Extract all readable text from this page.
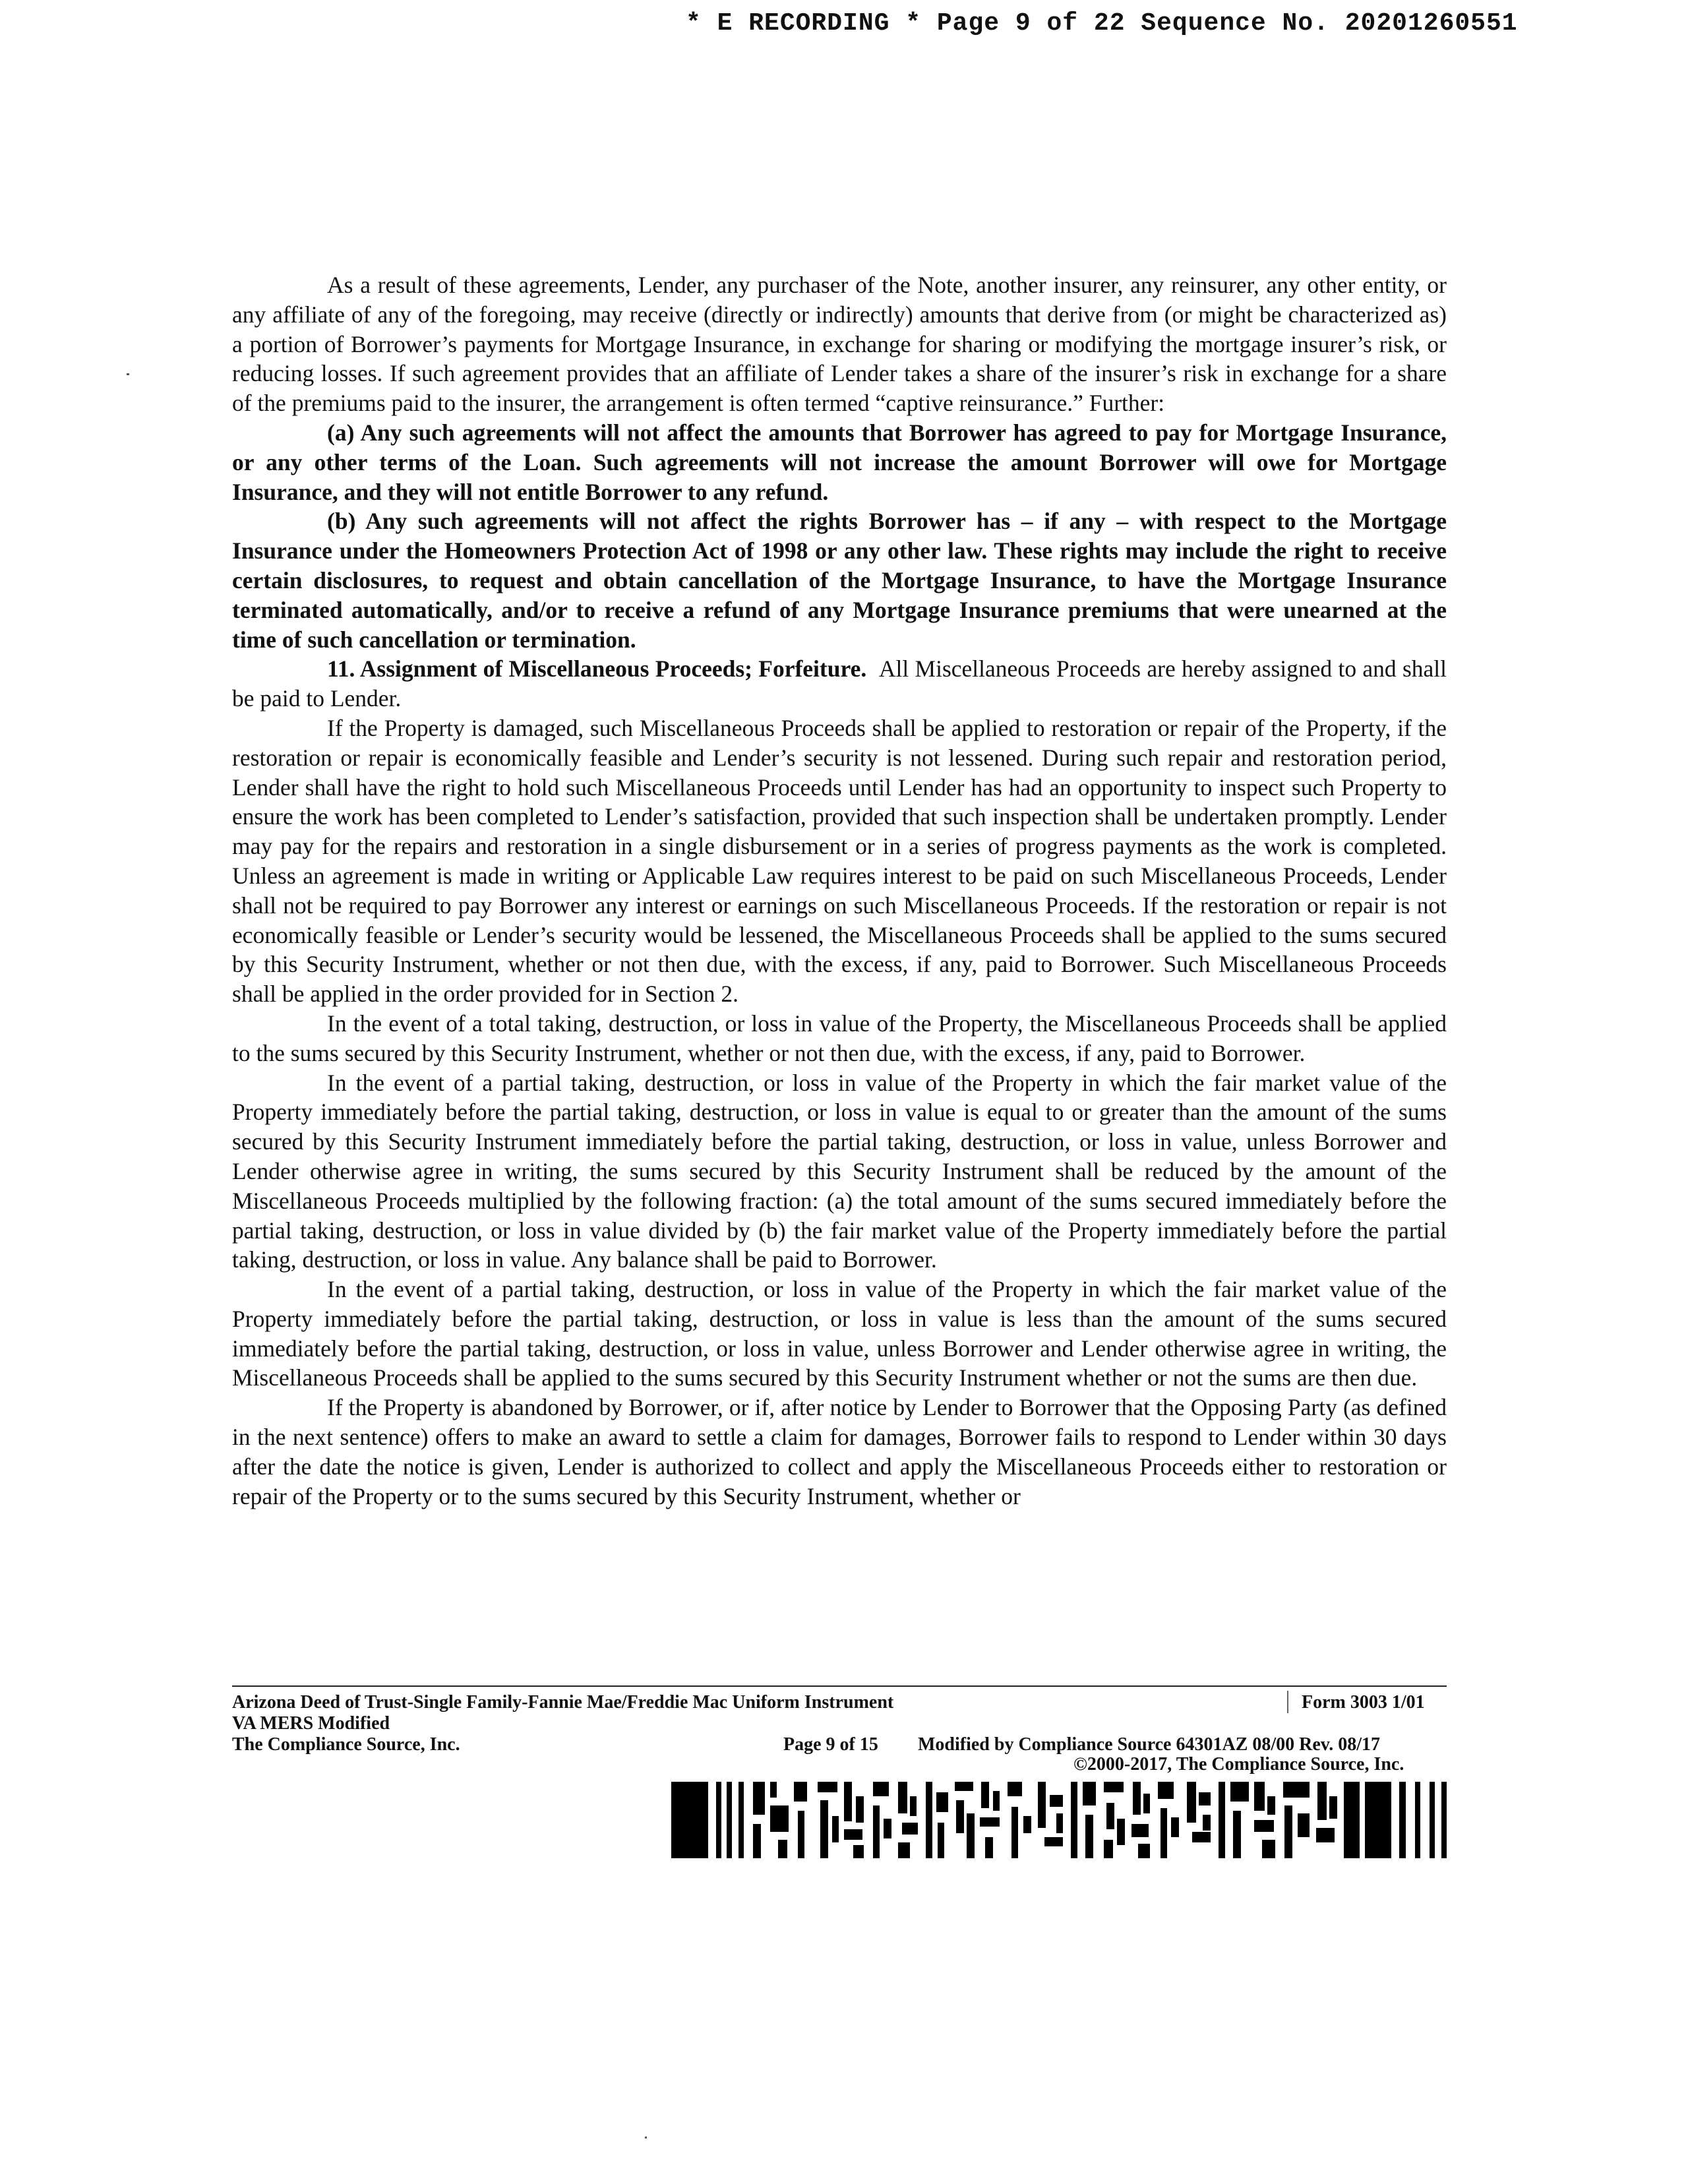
* E RECORDING * Page 9 of 22 Sequence No. 20201260551

As a result of these agreements, Lender, any purchaser of the Note, another insurer, any reinsurer, any other entity, or any affiliate of any of the foregoing, may receive (directly or indirectly) amounts that derive from (or might be characterized as) a portion of Borrower’s payments for Mortgage Insurance, in exchange for sharing or modifying the mortgage insurer’s risk, or reducing losses. If such agreement provides that an affiliate of Lender takes a share of the insurer’s risk in exchange for a share of the premiums paid to the insurer, the arrangement is often termed “captive reinsurance.” Further:

(a) Any such agreements will not affect the amounts that Borrower has agreed to pay for Mortgage Insurance, or any other terms of the Loan. Such agreements will not increase the amount Borrower will owe for Mortgage Insurance, and they will not entitle Borrower to any refund.

(b) Any such agreements will not affect the rights Borrower has – if any – with respect to the Mortgage Insurance under the Homeowners Protection Act of 1998 or any other law. These rights may include the right to receive certain disclosures, to request and obtain cancellation of the Mortgage Insurance, to have the Mortgage Insurance terminated automatically, and/or to receive a refund of any Mortgage Insurance premiums that were unearned at the time of such cancellation or termination.

11. Assignment of Miscellaneous Proceeds; Forfeiture. All Miscellaneous Proceeds are hereby assigned to and shall be paid to Lender.

If the Property is damaged, such Miscellaneous Proceeds shall be applied to restoration or repair of the Property, if the restoration or repair is economically feasible and Lender’s security is not lessened. During such repair and restoration period, Lender shall have the right to hold such Miscellaneous Proceeds until Lender has had an opportunity to inspect such Property to ensure the work has been completed to Lender’s satisfaction, provided that such inspection shall be undertaken promptly. Lender may pay for the repairs and restoration in a single disbursement or in a series of progress payments as the work is completed. Unless an agreement is made in writing or Applicable Law requires interest to be paid on such Miscellaneous Proceeds, Lender shall not be required to pay Borrower any interest or earnings on such Miscellaneous Proceeds. If the restoration or repair is not economically feasible or Lender’s security would be lessened, the Miscellaneous Proceeds shall be applied to the sums secured by this Security Instrument, whether or not then due, with the excess, if any, paid to Borrower. Such Miscellaneous Proceeds shall be applied in the order provided for in Section 2.

In the event of a total taking, destruction, or loss in value of the Property, the Miscellaneous Proceeds shall be applied to the sums secured by this Security Instrument, whether or not then due, with the excess, if any, paid to Borrower.

In the event of a partial taking, destruction, or loss in value of the Property in which the fair market value of the Property immediately before the partial taking, destruction, or loss in value is equal to or greater than the amount of the sums secured by this Security Instrument immediately before the partial taking, destruction, or loss in value, unless Borrower and Lender otherwise agree in writing, the sums secured by this Security Instrument shall be reduced by the amount of the Miscellaneous Proceeds multiplied by the following fraction: (a) the total amount of the sums secured immediately before the partial taking, destruction, or loss in value divided by (b) the fair market value of the Property immediately before the partial taking, destruction, or loss in value. Any balance shall be paid to Borrower.

In the event of a partial taking, destruction, or loss in value of the Property in which the fair market value of the Property immediately before the partial taking, destruction, or loss in value is less than the amount of the sums secured immediately before the partial taking, destruction, or loss in value, unless Borrower and Lender otherwise agree in writing, the Miscellaneous Proceeds shall be applied to the sums secured by this Security Instrument whether or not the sums are then due.

If the Property is abandoned by Borrower, or if, after notice by Lender to Borrower that the Opposing Party (as defined in the next sentence) offers to make an award to settle a claim for damages, Borrower fails to respond to Lender within 30 days after the date the notice is given, Lender is authorized to collect and apply the Miscellaneous Proceeds either to restoration or repair of the Property or to the sums secured by this Security Instrument, whether or

Arizona Deed of Trust-Single Family-Fannie Mae/Freddie Mac Uniform Instrument	Form 3003 1/01
VA MERS Modified
The Compliance Source, Inc.	Page 9 of 15 Modified by Compliance Source 64301AZ 08/00 Rev. 08/17
©2000-2017, The Compliance Source, Inc.
